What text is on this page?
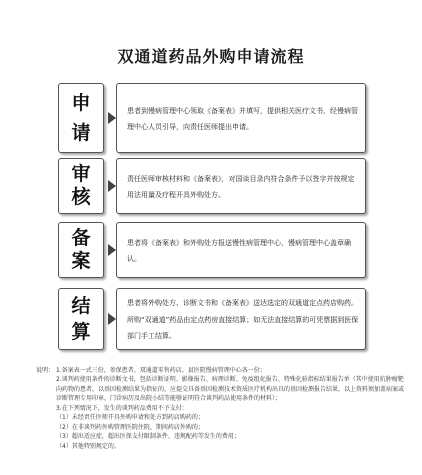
双通道药品外购申请流程
申
请

患者到慢病管理中心领取《备案表》并填写，提供相关医疗文书，经慢病管理中心人员引导，向责任医师提出申请。

审
核

责任医师审核材料和《备案表》，对国谈目录内符合条件予以签字并按规定用法用量及疗程开具外购处方。

备
案

患者将《备案表》和外购处方报送慢性病管理中心，慢病管理中心盖章确认。

结
算

患者将外购处方、诊断文书和《备案表》送达选定的双通道定点药店购药。所购“双通道”药品由定点药房直接结算；如无法直接结算的可凭票据到医保部门手工结算。

说明： 1.备案表一式三份，参保患者、双通道零售药店、县医院慢病管理中心各一份；
2.谈判药使用条件的诊断文书，包括诊断证明、影像报告、病理诊断、免疫组化报告、特殊化验指标结果报告单（其中使用抗肿瘤靶向药物的患者，以基因检测结果为指征的，应提交具备基因检测技术资质医疗机构出具的基因检测报告结果，以上资料须加盖病案或诊断管理专用印章，门诊病历及出院小结等能够证明符合谈判药品使用条件的材料）；
3.在下列情况下，发生的谈判药品费用不予支付：
（1）未经责任医师开具外购申请和处方到药店购药的；
（2）在非谈判药外购管理医院住院，期间药店外购的；
（3）超出适应症，超出医保支付限制条件、违规配药等发生的费用；
（4）其他特别规定的。
